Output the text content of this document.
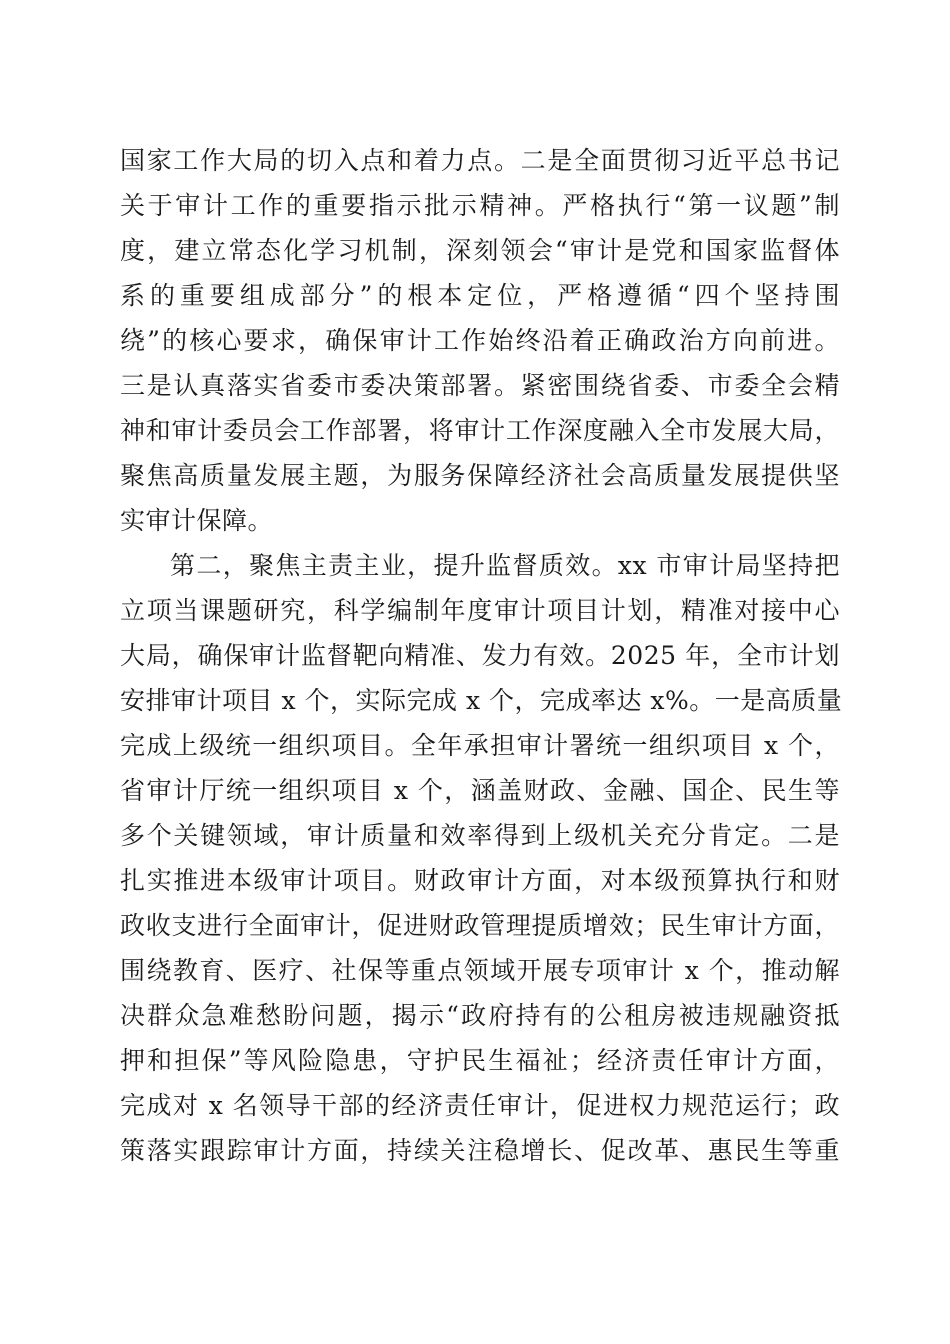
国家工作大局的切入点和着力点。二是全面贯彻习近平总书记
关于审计工作的重要指示批示精神。严格执行“第一议题”制
度，建立常态化学习机制，深刻领会“审计是党和国家监督体
系的重要组成部分”的根本定位，严格遵循“四个坚持围
绕”的核心要求，确保审计工作始终沿着正确政治方向前进。
三是认真落实省委市委决策部署。紧密围绕省委、市委全会精
神和审计委员会工作部署，将审计工作深度融入全市发展大局，
聚焦高质量发展主题，为服务保障经济社会高质量发展提供坚
实审计保障。
第二，聚焦主责主业，提升监督质效。xx 市审计局坚持把
立项当课题研究，科学编制年度审计项目计划，精准对接中心
大局，确保审计监督靶向精准、发力有效。2025 年，全市计划
安排审计项目 x 个，实际完成 x 个，完成率达 x%。一是高质量
完成上级统一组织项目。全年承担审计署统一组织项目 x 个，
省审计厅统一组织项目 x 个，涵盖财政、金融、国企、民生等
多个关键领域，审计质量和效率得到上级机关充分肯定。二是
扎实推进本级审计项目。财政审计方面，对本级预算执行和财
政收支进行全面审计，促进财政管理提质增效；民生审计方面，
围绕教育、医疗、社保等重点领域开展专项审计 x 个，推动解
决群众急难愁盼问题，揭示“政府持有的公租房被违规融资抵
押和担保”等风险隐患，守护民生福祉；经济责任审计方面，
完成对 x 名领导干部的经济责任审计，促进权力规范运行；政
策落实跟踪审计方面，持续关注稳增长、促改革、惠民生等重
